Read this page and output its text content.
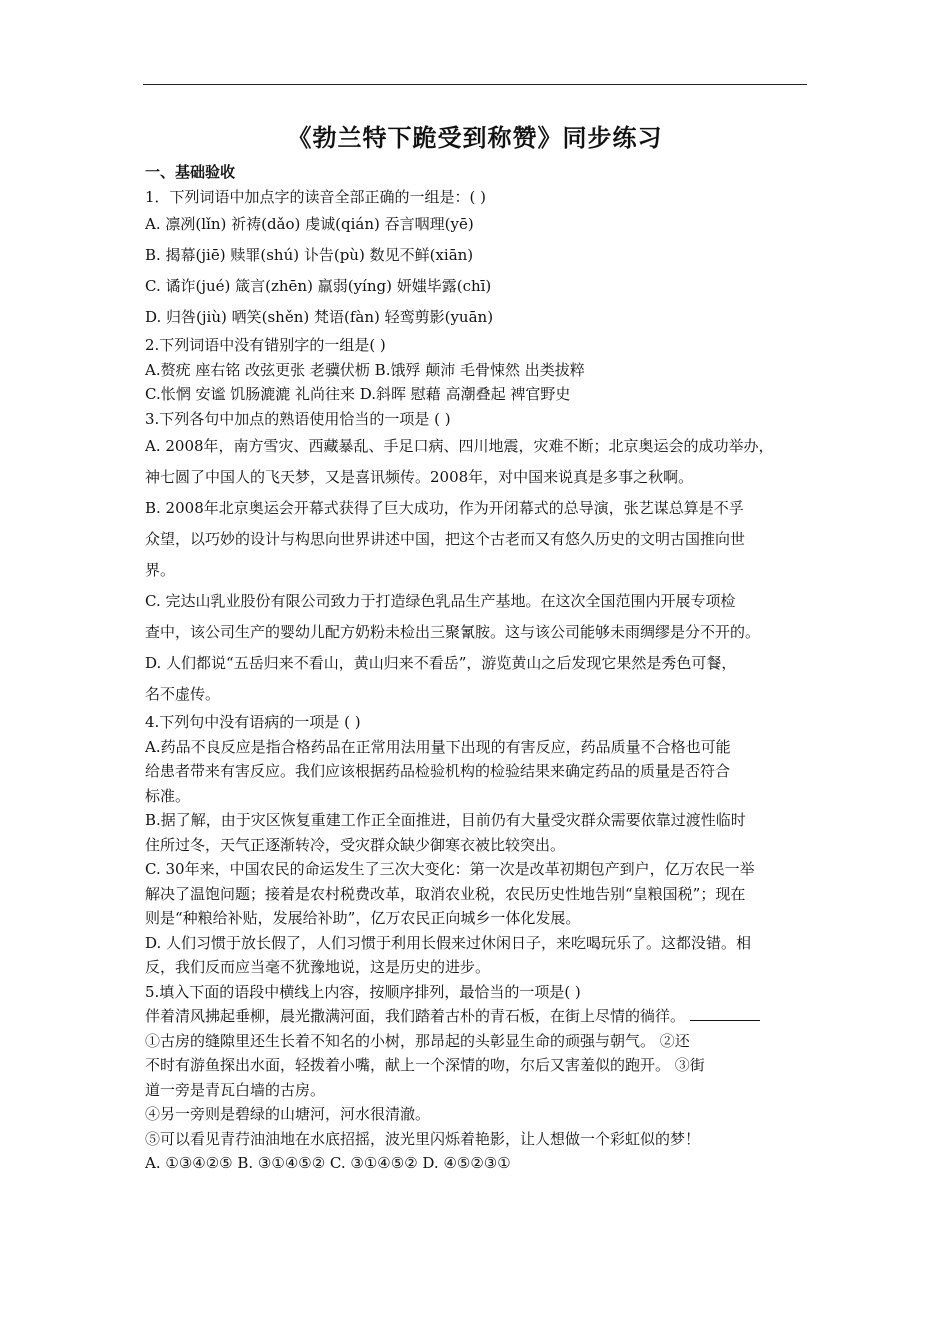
《勃兰特下跪受到称赞》同步练习
一、基础验收
1．下列词语中加点字的读音全部正确的一组是：( )
A. 凛冽(lǐn) 祈祷(dǎo) 虔诚(qián) 吞言咽理(yē)
B. 揭幕(jiē) 赎罪(shú) 讣告(pù) 数见不鲜(xiān)
C. 谲诈(jué) 箴言(zhēn) 羸弱(yíng) 妍媸毕露(chī)
D. 归咎(jiù) 哂笑(shěn) 梵语(fàn) 轻鸾剪影(yuān)
2.下列词语中没有错别字的一组是( )
A.赘疣 座右铭 改弦更张 老骥伏枥 B.饿殍 颠沛 毛骨悚然 出类拔粹
C.怅惘 安谧 饥肠漉漉 礼尚往来 D.斜晖 慰藉 高潮叠起 裨官野史
3.下列各句中加点的熟语使用恰当的一项是 ( )
A. 2008年，南方雪灾、西藏暴乱、手足口病、四川地震，灾难不断；北京奥运会的成功举办，
神七圆了中国人的飞天梦，又是喜讯频传。2008年，对中国来说真是多事之秋啊。
B. 2008年北京奥运会开幕式获得了巨大成功，作为开闭幕式的总导演，张艺谋总算是不孚
众望，以巧妙的设计与构思向世界讲述中国，把这个古老而又有悠久历史的文明古国推向世
界。
C. 完达山乳业股份有限公司致力于打造绿色乳品生产基地。在这次全国范围内开展专项检
查中，该公司生产的婴幼儿配方奶粉未检出三聚氰胺。这与该公司能够未雨绸缪是分不开的。
D. 人们都说“五岳归来不看山，黄山归来不看岳”，游览黄山之后发现它果然是秀色可餐，
名不虚传。
4.下列句中没有语病的一项是 ( )
A.药品不良反应是指合格药品在正常用法用量下出现的有害反应，药品质量不合格也可能
给患者带来有害反应。我们应该根据药品检验机构的检验结果来确定药品的质量是否符合
标准。
B.据了解，由于灾区恢复重建工作正全面推进，目前仍有大量受灾群众需要依靠过渡性临时
住所过冬，天气正逐渐转冷，受灾群众缺少御寒衣被比较突出。
C. 30年来，中国农民的命运发生了三次大变化：第一次是改革初期包产到户，亿万农民一举
解决了温饱问题；接着是农村税费改革，取消农业税，农民历史性地告别“皇粮国税”；现在
则是“种粮给补贴，发展给补助”，亿万农民正向城乡一体化发展。
D. 人们习惯于放长假了，人们习惯于利用长假来过休闲日子，来吃喝玩乐了。这都没错。相
反，我们反而应当毫不犹豫地说，这是历史的进步。
5.填入下面的语段中横线上内容，按顺序排列，最恰当的一项是( )
伴着清风拂起垂柳，晨光撒满河面，我们踏着古朴的青石板，在街上尽情的徜徉。
①古房的缝隙里还生长着不知名的小树，那昂起的头彰显生命的顽强与朝气。 ②还
不时有游鱼探出水面，轻拨着小嘴，献上一个深情的吻，尔后又害羞似的跑开。 ③街
道一旁是青瓦白墙的古房。
④另一旁则是碧绿的山塘河，河水很清澈。
⑤可以看见青荇油油地在水底招摇，波光里闪烁着艳影，让人想做一个彩虹似的梦！
A. ①③④②⑤ B. ③①④⑤② C. ③①④⑤② D. ④⑤②③①
